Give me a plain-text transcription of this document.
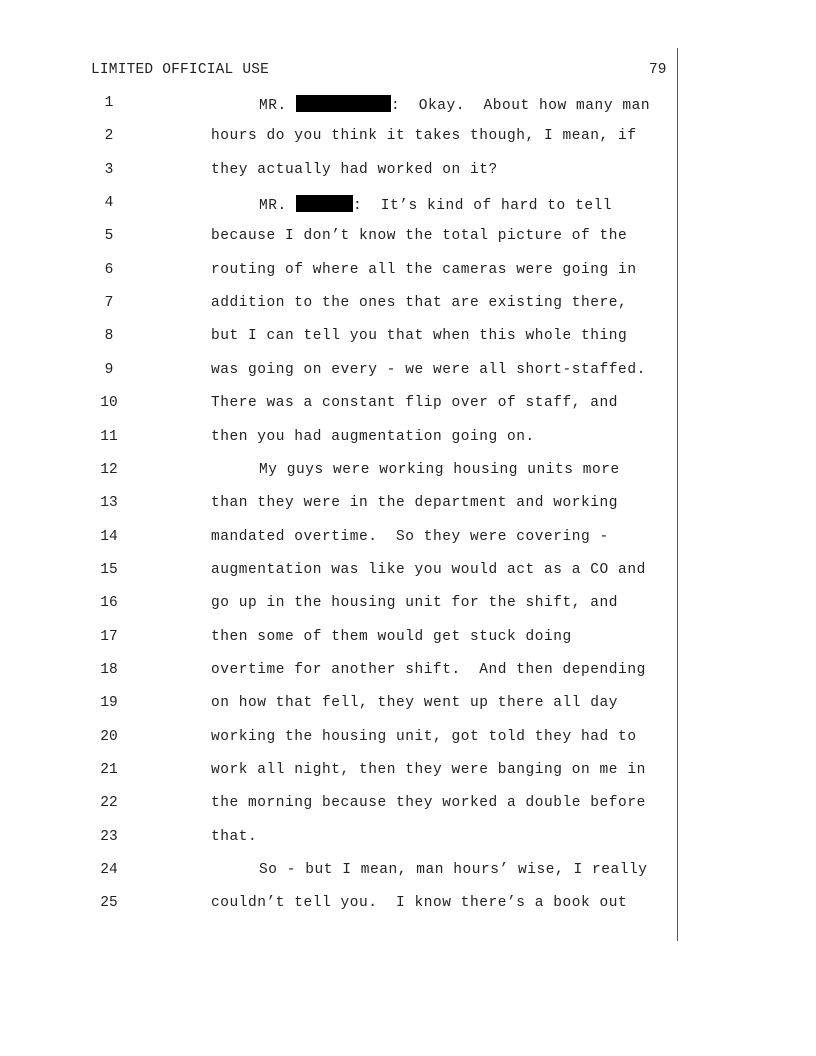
LIMITED OFFICIAL USE	79
1	MR.	:  Okay.  About how many man
2	hours do you think it takes though, I mean, if
3	they actually had worked on it?
4	MR.	:  It’s kind of hard to tell
5	because I don’t know the total picture of the
6	routing of where all the cameras were going in
7	addition to the ones that are existing there,
8	but I can tell you that when this whole thing
9	was going on every - we were all short-staffed.
10	There was a constant flip over of staff, and
11	then you had augmentation going on.
12	My guys were working housing units more
13	than they were in the department and working
14	mandated overtime.  So they were covering -
15	augmentation was like you would act as a CO and
16	go up in the housing unit for the shift, and
17	then some of them would get stuck doing
18	overtime for another shift.  And then depending
19	on how that fell, they went up there all day
20	working the housing unit, got told they had to
21	work all night, then they were banging on me in
22	the morning because they worked a double before
23	that.
24	So - but I mean, man hours’ wise, I really
25	couldn’t tell you.  I know there’s a book out
